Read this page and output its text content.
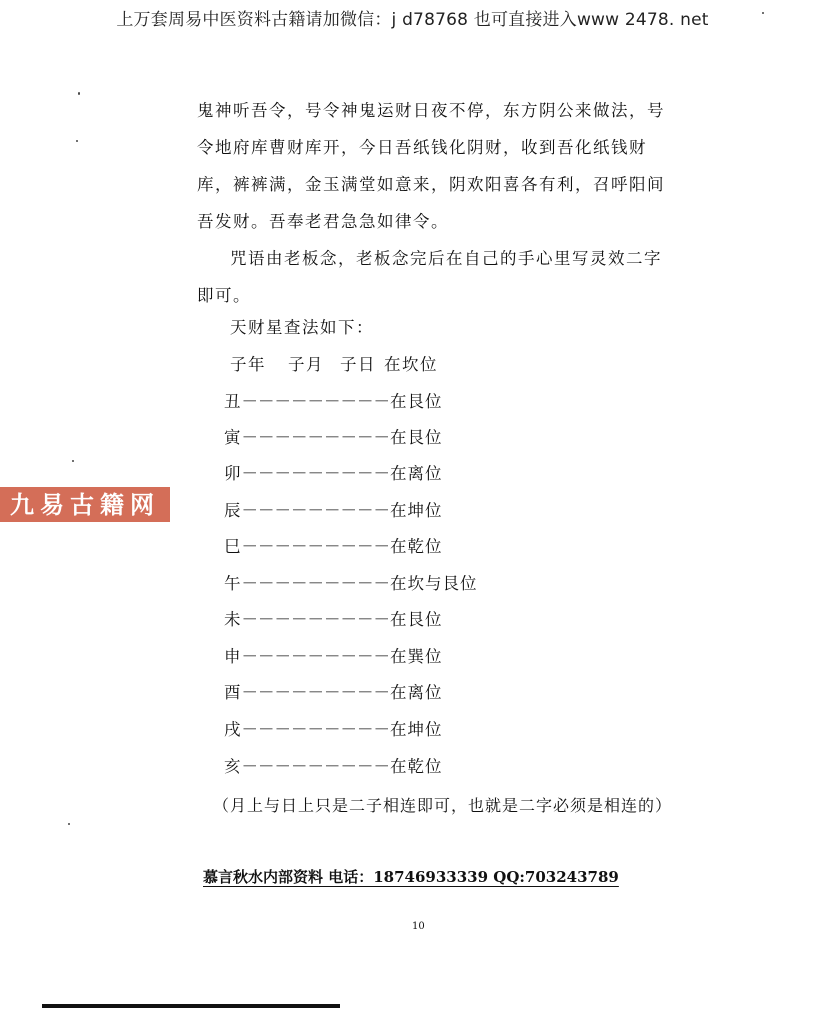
上万套周易中医资料古籍请加微信：j d78768 也可直接进入www 2478. net
鬼神听吾令，号令神鬼运财日夜不停，东方阴公来做法，号令地府库曹财库开，今日吾纸钱化阴财，收到吾化纸钱财库，裤裤满，金玉满堂如意来，阴欢阳喜各有利，召呼阳间吾发财。吾奉老君急急如律令。
咒语由老板念，老板念完后在自己的手心里写灵效二字即可。
天财星查法如下：
子年 子月 子日 在坎位
丑－－－－－－－－－在艮位
寅－－－－－－－－－在艮位
卯－－－－－－－－－在离位
辰－－－－－－－－－在坤位
巳－－－－－－－－－在乾位
午－－－－－－－－－在坎与艮位
未－－－－－－－－－在艮位
申－－－－－－－－－在巽位
酉－－－－－－－－－在离位
戌－－－－－－－－－在坤位
亥－－－－－－－－－在乾位
（月上与日上只是二子相连即可，也就是二字必须是相连的）
慕言秋水内部资料 电话：18746933339 QQ:703243789
10
九易古籍网
